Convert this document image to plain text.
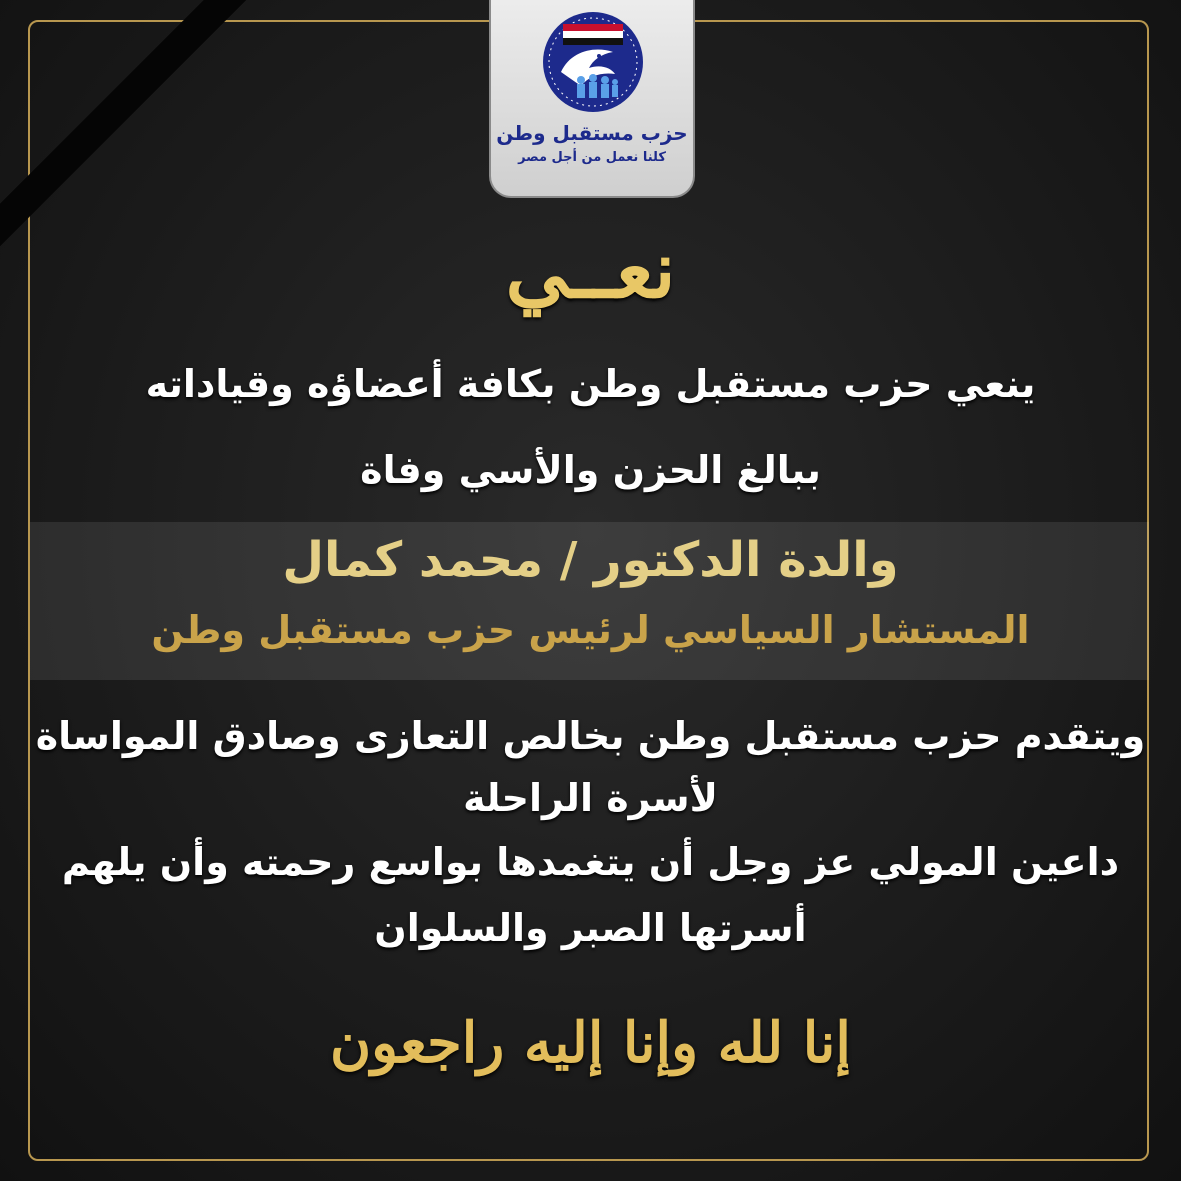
حزب مستقبل وطن
كلنا نعمل من أجل مصر
نعــي
ينعي حزب مستقبل وطن بكافة أعضاؤه وقياداته
ببالغ الحزن والأسي وفاة
والدة الدكتور / محمد كمال
المستشار السياسي لرئيس حزب مستقبل وطن
ويتقدم حزب مستقبل وطن بخالص التعازى وصادق المواساة
لأسرة الراحلة
داعين المولي عز وجل أن يتغمدها بواسع رحمته وأن يلهم
أسرتها الصبر والسلوان
إنا لله وإنا إليه راجعون
